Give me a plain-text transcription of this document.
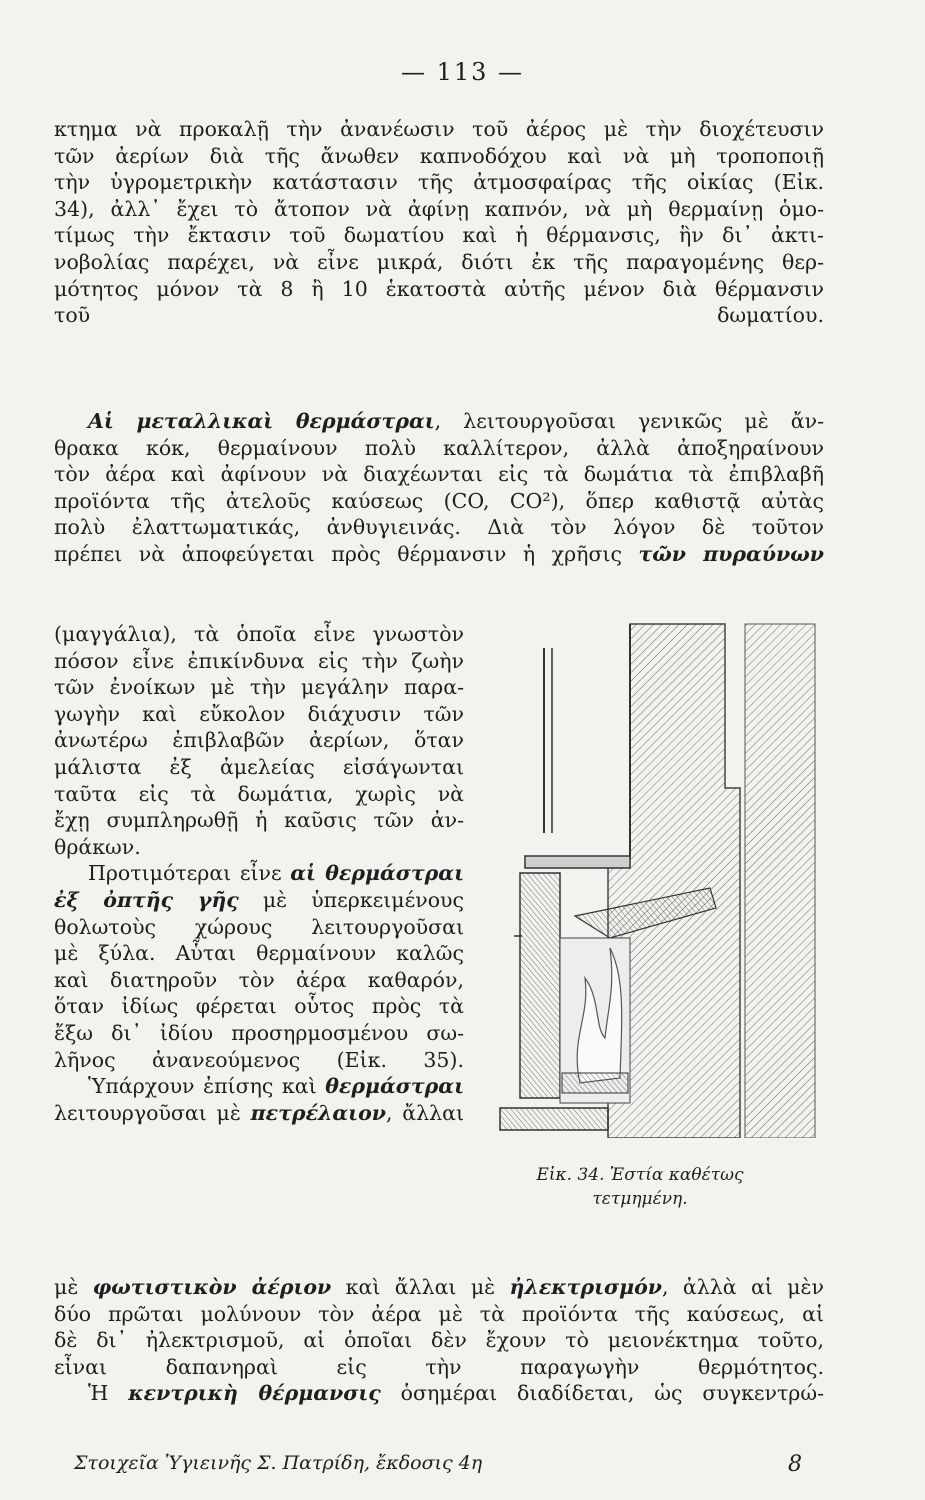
— 113 —
κτημα νὰ προκαλῇ τὴν ἀνανέωσιν τοῦ ἀέρος μὲ τὴν διοχέτευσιν
τῶν ἀερίων διὰ τῆς ἄνωθεν καπνοδόχου καὶ νὰ μὴ τροποποιῇ
τὴν ὑγρομετρικὴν κατάστασιν τῆς ἀτμοσφαίρας τῆς οἰκίας (Εἰκ.
34), ἀλλ᾽ ἔχει τὸ ἄτοπον νὰ ἀφίνῃ καπνόν, νὰ μὴ θερμαίνῃ ὁμο-
τίμως τὴν ἔκτασιν τοῦ δωματίου καὶ ἡ θέρμανσις, ἣν δι᾽ ἀκτι-
νοβολίας παρέχει, νὰ εἶνε μικρά, διότι ἐκ τῆς παραγομένης θερ-
μότητος μόνον τὰ 8 ἢ 10 ἑκατοστὰ αὐτῆς μένον διὰ θέρμανσιν
τοῦ δωματίου.
Αἱ μεταλλικαὶ θερμάστραι, λειτουργοῦσαι γενικῶς μὲ ἄν-
θρακα κόκ, θερμαίνουν πολὺ καλλίτερον, ἀλλὰ ἀποξηραίνουν
τὸν ἀέρα καὶ ἀφίνουν νὰ διαχέωνται εἰς τὰ δωμάτια τὰ ἐπιβλαβῆ
προϊόντα τῆς ἀτελοῦς καύσεως (CO, CO²), ὅπερ καθιστᾷ αὐτὰς
πολὺ ἐλαττωματικάς, ἀνθυγιεινάς. Διὰ τὸν λόγον δὲ τοῦτον
πρέπει νὰ ἀποφεύγεται πρὸς θέρμανσιν ἡ χρῆσις τῶν πυραύνων
(μαγγάλια), τὰ ὁποῖα εἶνε γνωστὸν
πόσον εἶνε ἐπικίνδυνα εἰς τὴν ζωὴν
τῶν ἐνοίκων μὲ τὴν μεγάλην παρα-
γωγὴν καὶ εὔκολον διάχυσιν τῶν
ἀνωτέρω ἐπιβλαβῶν ἀερίων, ὅταν
μάλιστα ἐξ ἀμελείας εἰσάγωνται
ταῦτα εἰς τὰ δωμάτια, χωρὶς νὰ
ἔχῃ συμπληρωθῇ ἡ καῦσις τῶν ἀν-
θράκων.
Προτιμότεραι εἶνε αἱ θερμάστραι
ἐξ ὀπτῆς γῆς μὲ ὑπερκειμένους
θολωτοὺς χώρους λειτουργοῦσαι
μὲ ξύλα. Αὗται θερμαίνουν καλῶς
καὶ διατηροῦν τὸν ἀέρα καθαρόν,
ὅταν ἰδίως φέρεται οὗτος πρὸς τὰ
ἔξω δι᾽ ἰδίου προσηρμοσμένου σω-
λῆνος ἀνανεούμενος (Εἰκ. 35).
Ὑπάρχουν ἐπίσης καὶ θερμάστραι
λειτουργοῦσαι μὲ πετρέλαιον, ἄλλαι
Εἰκ. 34. Ἑστία καθέτως
τετμημένη.
μὲ φωτιστικὸν ἀέριον καὶ ἄλλαι μὲ ἠλεκτρισμόν, ἀλλὰ αἱ μὲν
δύο πρῶται μολύνουν τὸν ἀέρα μὲ τὰ προϊόντα τῆς καύσεως, αἱ
δὲ δι᾽ ἠλεκτρισμοῦ, αἱ ὁποῖαι δὲν ἔχουν τὸ μειονέκτημα τοῦτο,
εἶναι δαπανηραὶ εἰς τὴν παραγωγὴν θερμότητος.
Ἡ κεντρικὴ θέρμανσις ὁσημέραι διαδίδεται, ὡς συγκεντρώ-
Στοιχεῖα Ὑγιεινῆς Σ. Πατρίδη, ἔκδοσις 4η	8
